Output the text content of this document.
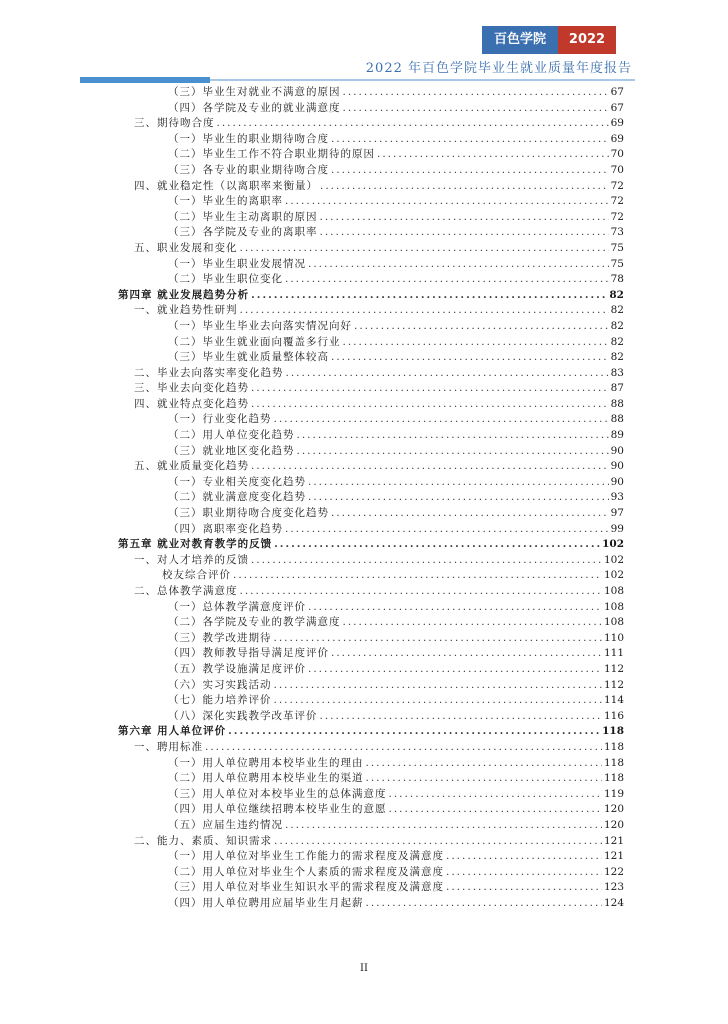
百色学院	2022
2022 年百色学院毕业生就业质量年度报告
（三）毕业生对就业不满意的原因 .....	67
（四）各学院及专业的就业满意度 .....	67
三、期待吻合度 .....	69
（一）毕业生的职业期待吻合度 .....	69
（二）毕业生工作不符合职业期待的原因 .....	70
（三）各专业的职业期待吻合度 .....	70
四、就业稳定性（以离职率来衡量） .....	72
（一）毕业生的离职率 .....	72
（二）毕业生主动离职的原因 .....	72
（三）各学院及专业的离职率 .....	73
五、职业发展和变化 .....	75
（一）毕业生职业发展情况 .....	75
（二）毕业生职位变化 .....	78
第四章 就业发展趋势分析 .....	82
一、就业趋势性研判 .....	82
（一）毕业生毕业去向落实情况向好 .....	82
（二）毕业生就业面向覆盖多行业 .....	82
（三）毕业生就业质量整体较高 .....	82
二、毕业去向落实率变化趋势 .....	83
三、毕业去向变化趋势 .....	87
四、就业特点变化趋势 .....	88
（一）行业变化趋势 .....	88
（二）用人单位变化趋势 .....	89
（三）就业地区变化趋势 .....	90
五、就业质量变化趋势 .....	90
（一）专业相关度变化趋势 .....	90
（二）就业满意度变化趋势 .....	93
（三）职业期待吻合度变化趋势 .....	97
（四）离职率变化趋势 .....	99
第五章 就业对教育教学的反馈 .....	102
一、对人才培养的反馈 .....	102
校友综合评价 .....	102
二、总体教学满意度 .....	108
（一）总体教学满意度评价 .....	108
（二）各学院及专业的教学满意度 .....	108
（三）教学改进期待 .....	110
（四）教师教导指导满足度评价 .....	111
（五）教学设施满足度评价 .....	112
（六）实习实践活动 .....	112
（七）能力培养评价 .....	114
（八）深化实践教学改革评价 .....	116
第六章 用人单位评价 .....	118
一、聘用标准 .....	118
（一）用人单位聘用本校毕业生的理由 .....	118
（二）用人单位聘用本校毕业生的渠道 .....	118
（三）用人单位对本校毕业生的总体满意度 .....	119
（四）用人单位继续招聘本校毕业生的意愿 .....	120
（五）应届生违约情况 .....	120
二、能力、素质、知识需求 .....	121
（一）用人单位对毕业生工作能力的需求程度及满意度 .....	121
（二）用人单位对毕业生个人素质的需求程度及满意度 .....	122
（三）用人单位对毕业生知识水平的需求程度及满意度 .....	123
（四）用人单位聘用应届毕业生月起薪 .....	124
II
